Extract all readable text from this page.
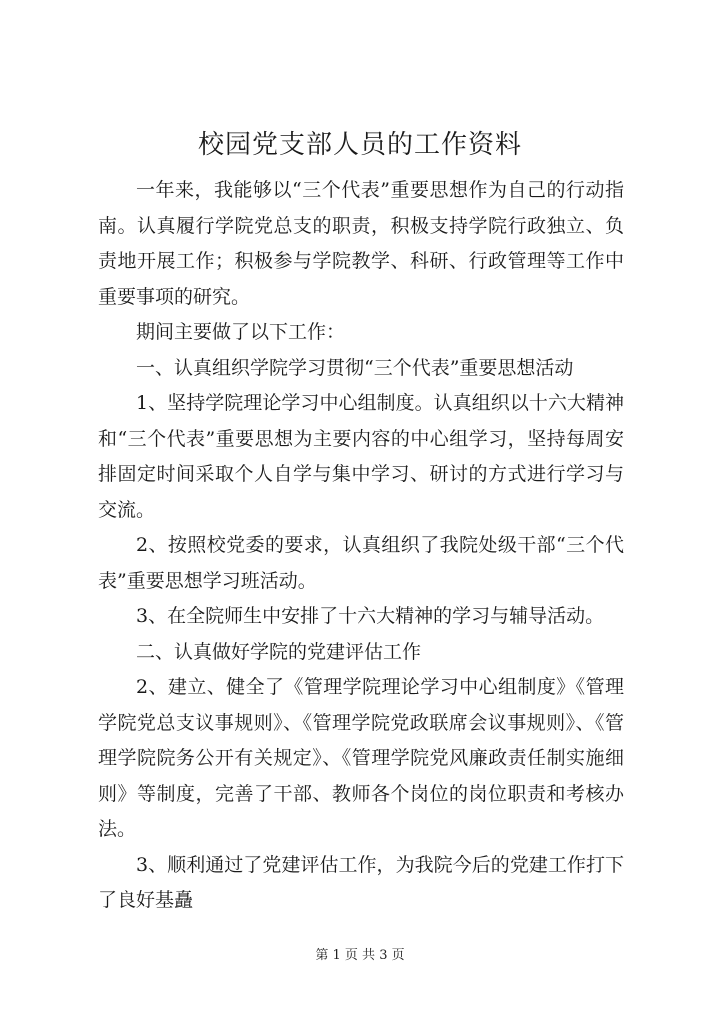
校园党支部人员的工作资料

一年来，我能够以“三个代表”重要思想作为自己的行动指南。认真履行学院党总支的职责，积极支持学院行政独立、负责地开展工作；积极参与学院教学、科研、行政管理等工作中重要事项的研究。

期间主要做了以下工作：

一、认真组织学院学习贯彻“三个代表”重要思想活动

1、坚持学院理论学习中心组制度。认真组织以十六大精神和“三个代表”重要思想为主要内容的中心组学习，坚持每周安排固定时间采取个人自学与集中学习、研讨的方式进行学习与交流。

2、按照校党委的要求，认真组织了我院处级干部“三个代表”重要思想学习班活动。

3、在全院师生中安排了十六大精神的学习与辅导活动。

二、认真做好学院的党建评估工作

2、建立、健全了《管理学院理论学习中心组制度》《管理学院党总支议事规则》、《管理学院党政联席会议事规则》、《管理学院院务公开有关规定》、《管理学院党风廉政责任制实施细则》等制度，完善了干部、教师各个岗位的岗位职责和考核办法。

3、顺利通过了党建评估工作，为我院今后的党建工作打下了良好基矗

第 1 页 共 3 页
